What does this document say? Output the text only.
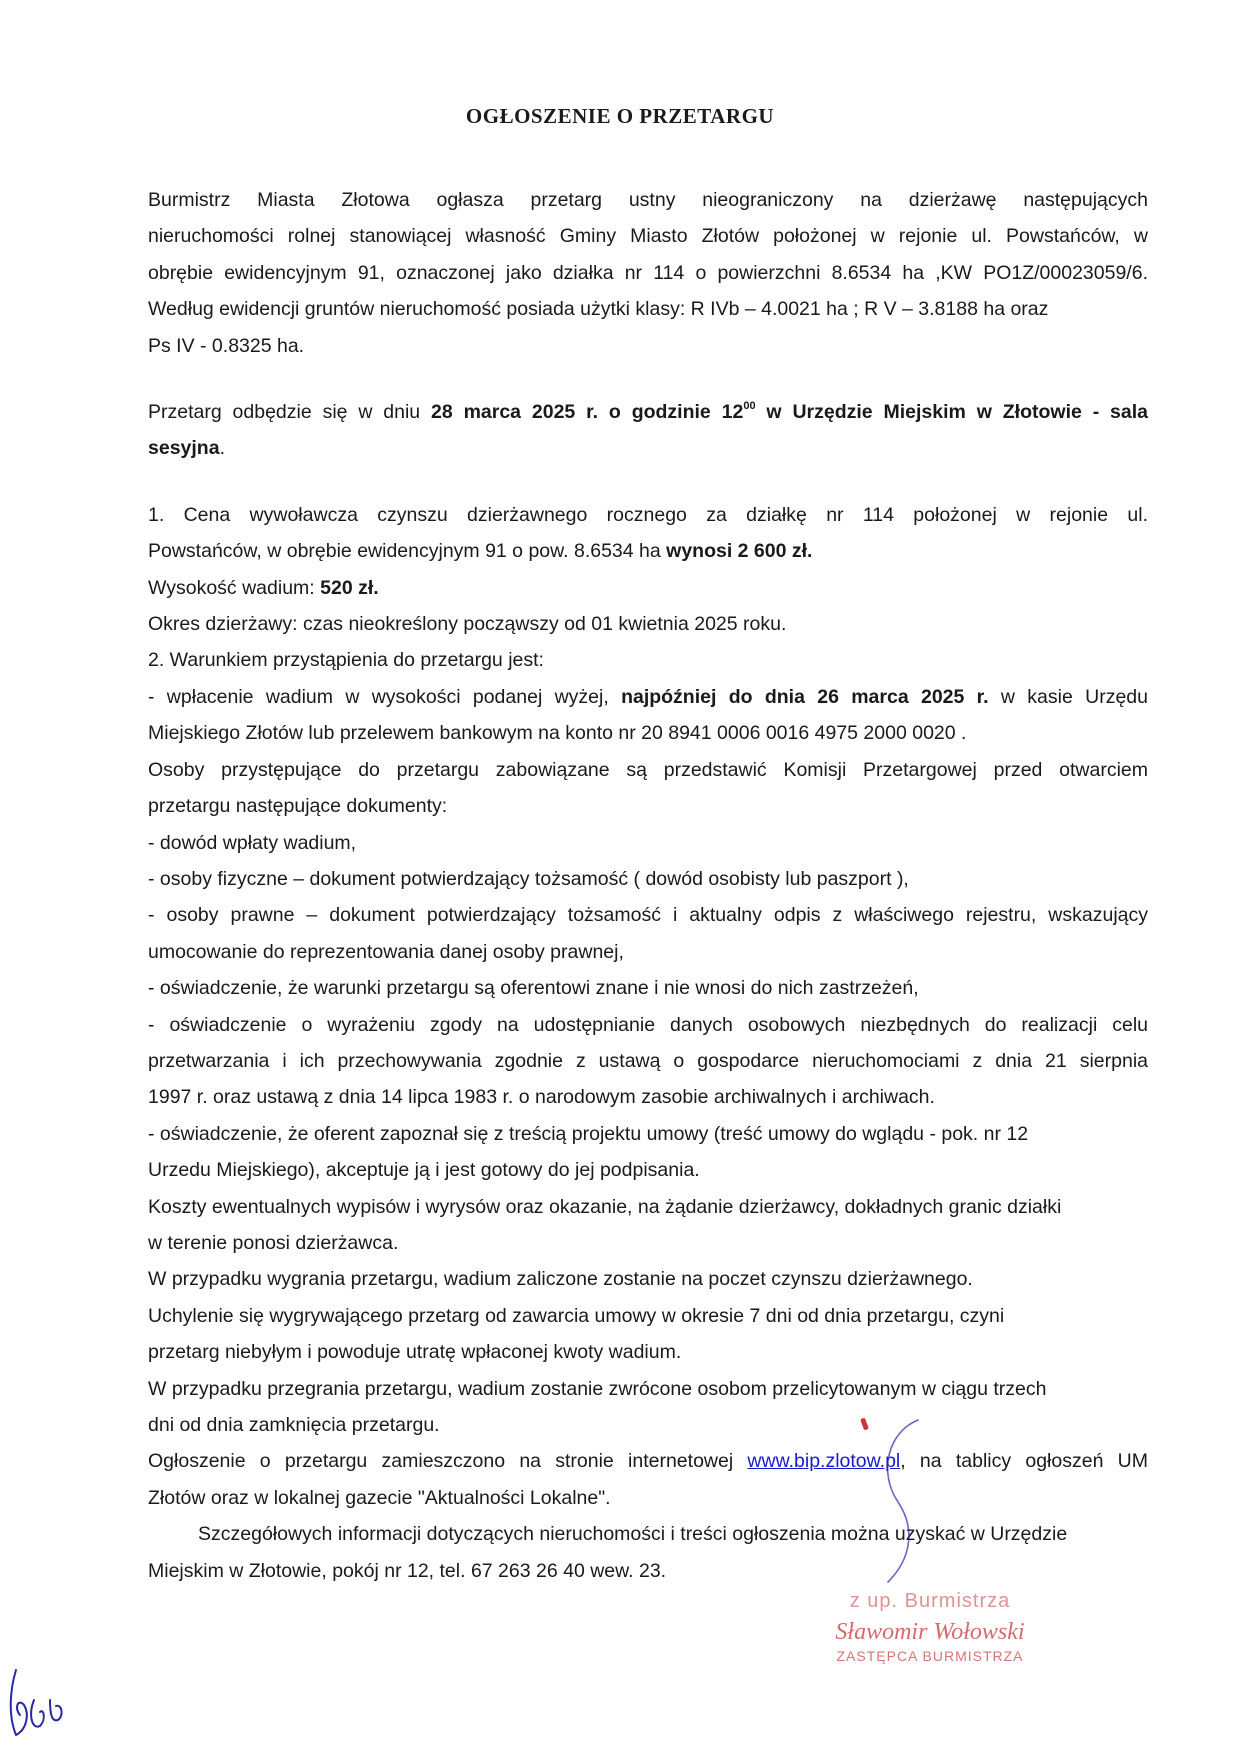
OGŁOSZENIE O PRZETARGU

Burmistrz Miasta Złotowa ogłasza przetarg ustny nieograniczony na dzierżawę następujących

nieruchomości rolnej stanowiącej własność Gminy Miasto Złotów położonej w rejonie ul. Powstańców, w

obrębie ewidencyjnym 91, oznaczonej jako działka nr 114 o powierzchni 8.6534 ha ,KW PO1Z/00023059/6.

Według ewidencji gruntów nieruchomość posiada użytki klasy: R IVb – 4.0021 ha ; R V – 3.8188 ha oraz

Ps IV - 0.8325 ha.

Przetarg odbędzie się w dniu 28 marca 2025 r. o godzinie $12^{00}$ w Urzędzie Miejskim w Złotowie - sala

sesyjna.

1. Cena wywoławcza czynszu dzierżawnego rocznego za działkę nr 114 położonej w rejonie ul.

Powstańców, w obrębie ewidencyjnym 91 o pow. 8.6534 ha wynosi 2 600 zł.

Wysokość wadium: 520 zł.

Okres dzierżawy: czas nieokreślony począwszy od 01 kwietnia 2025 roku.

2. Warunkiem przystąpienia do przetargu jest:

- wpłacenie wadium w wysokości podanej wyżej, najpóźniej do dnia 26 marca 2025 r. w kasie Urzędu

Miejskiego Złotów lub przelewem bankowym na konto nr 20 8941 0006 0016 4975 2000 0020 .

Osoby przystępujące do przetargu zabowiązane są przedstawić Komisji Przetargowej przed otwarciem

przetargu następujące dokumenty:

- dowód wpłaty wadium,

- osoby fizyczne – dokument potwierdzający tożsamość ( dowód osobisty lub paszport ),

- osoby prawne – dokument potwierdzający tożsamość i aktualny odpis z właściwego rejestru, wskazujący

umocowanie do reprezentowania danej osoby prawnej,

- oświadczenie, że warunki przetargu są oferentowi znane i nie wnosi do nich zastrzeżeń,

- oświadczenie o wyrażeniu zgody na udostępnianie danych osobowych niezbędnych do realizacji celu

przetwarzania i ich przechowywania zgodnie z ustawą o gospodarce nieruchomociami z dnia 21 sierpnia

1997 r. oraz ustawą z dnia 14 lipca 1983 r. o narodowym zasobie archiwalnych i archiwach.

- oświadczenie, że oferent zapoznał się z treścią projektu umowy (treść umowy do wglądu - pok. nr 12

Urzedu Miejskiego), akceptuje ją i jest gotowy do jej podpisania.

Koszty ewentualnych wypisów i wyrysów oraz okazanie, na żądanie dzierżawcy, dokładnych granic działki

w terenie ponosi dzierżawca.

W przypadku wygrania przetargu, wadium zaliczone zostanie na poczet czynszu dzierżawnego.

Uchylenie się wygrywającego przetarg od zawarcia umowy w okresie 7 dni od dnia przetargu, czyni

przetarg niebyłym i powoduje utratę wpłaconej kwoty wadium.

W przypadku przegrania przetargu, wadium zostanie zwrócone osobom przelicytowanym w ciągu trzech

dni od dnia zamknięcia przetargu.

Ogłoszenie o przetargu zamieszczono na stronie internetowej www.bip.zlotow.pl, na tablicy ogłoszeń UM

Złotów oraz w lokalnej gazecie "Aktualności Lokalne".

Szczegółowych informacji dotyczących nieruchomości i treści ogłoszenia można uzyskać w Urzędzie

Miejskim w Złotowie, pokój nr 12, tel. 67 263 26 40 wew. 23.

z up. Burmistrza
Sławomir Wołowski
ZASTĘPCA BURMISTRZA
